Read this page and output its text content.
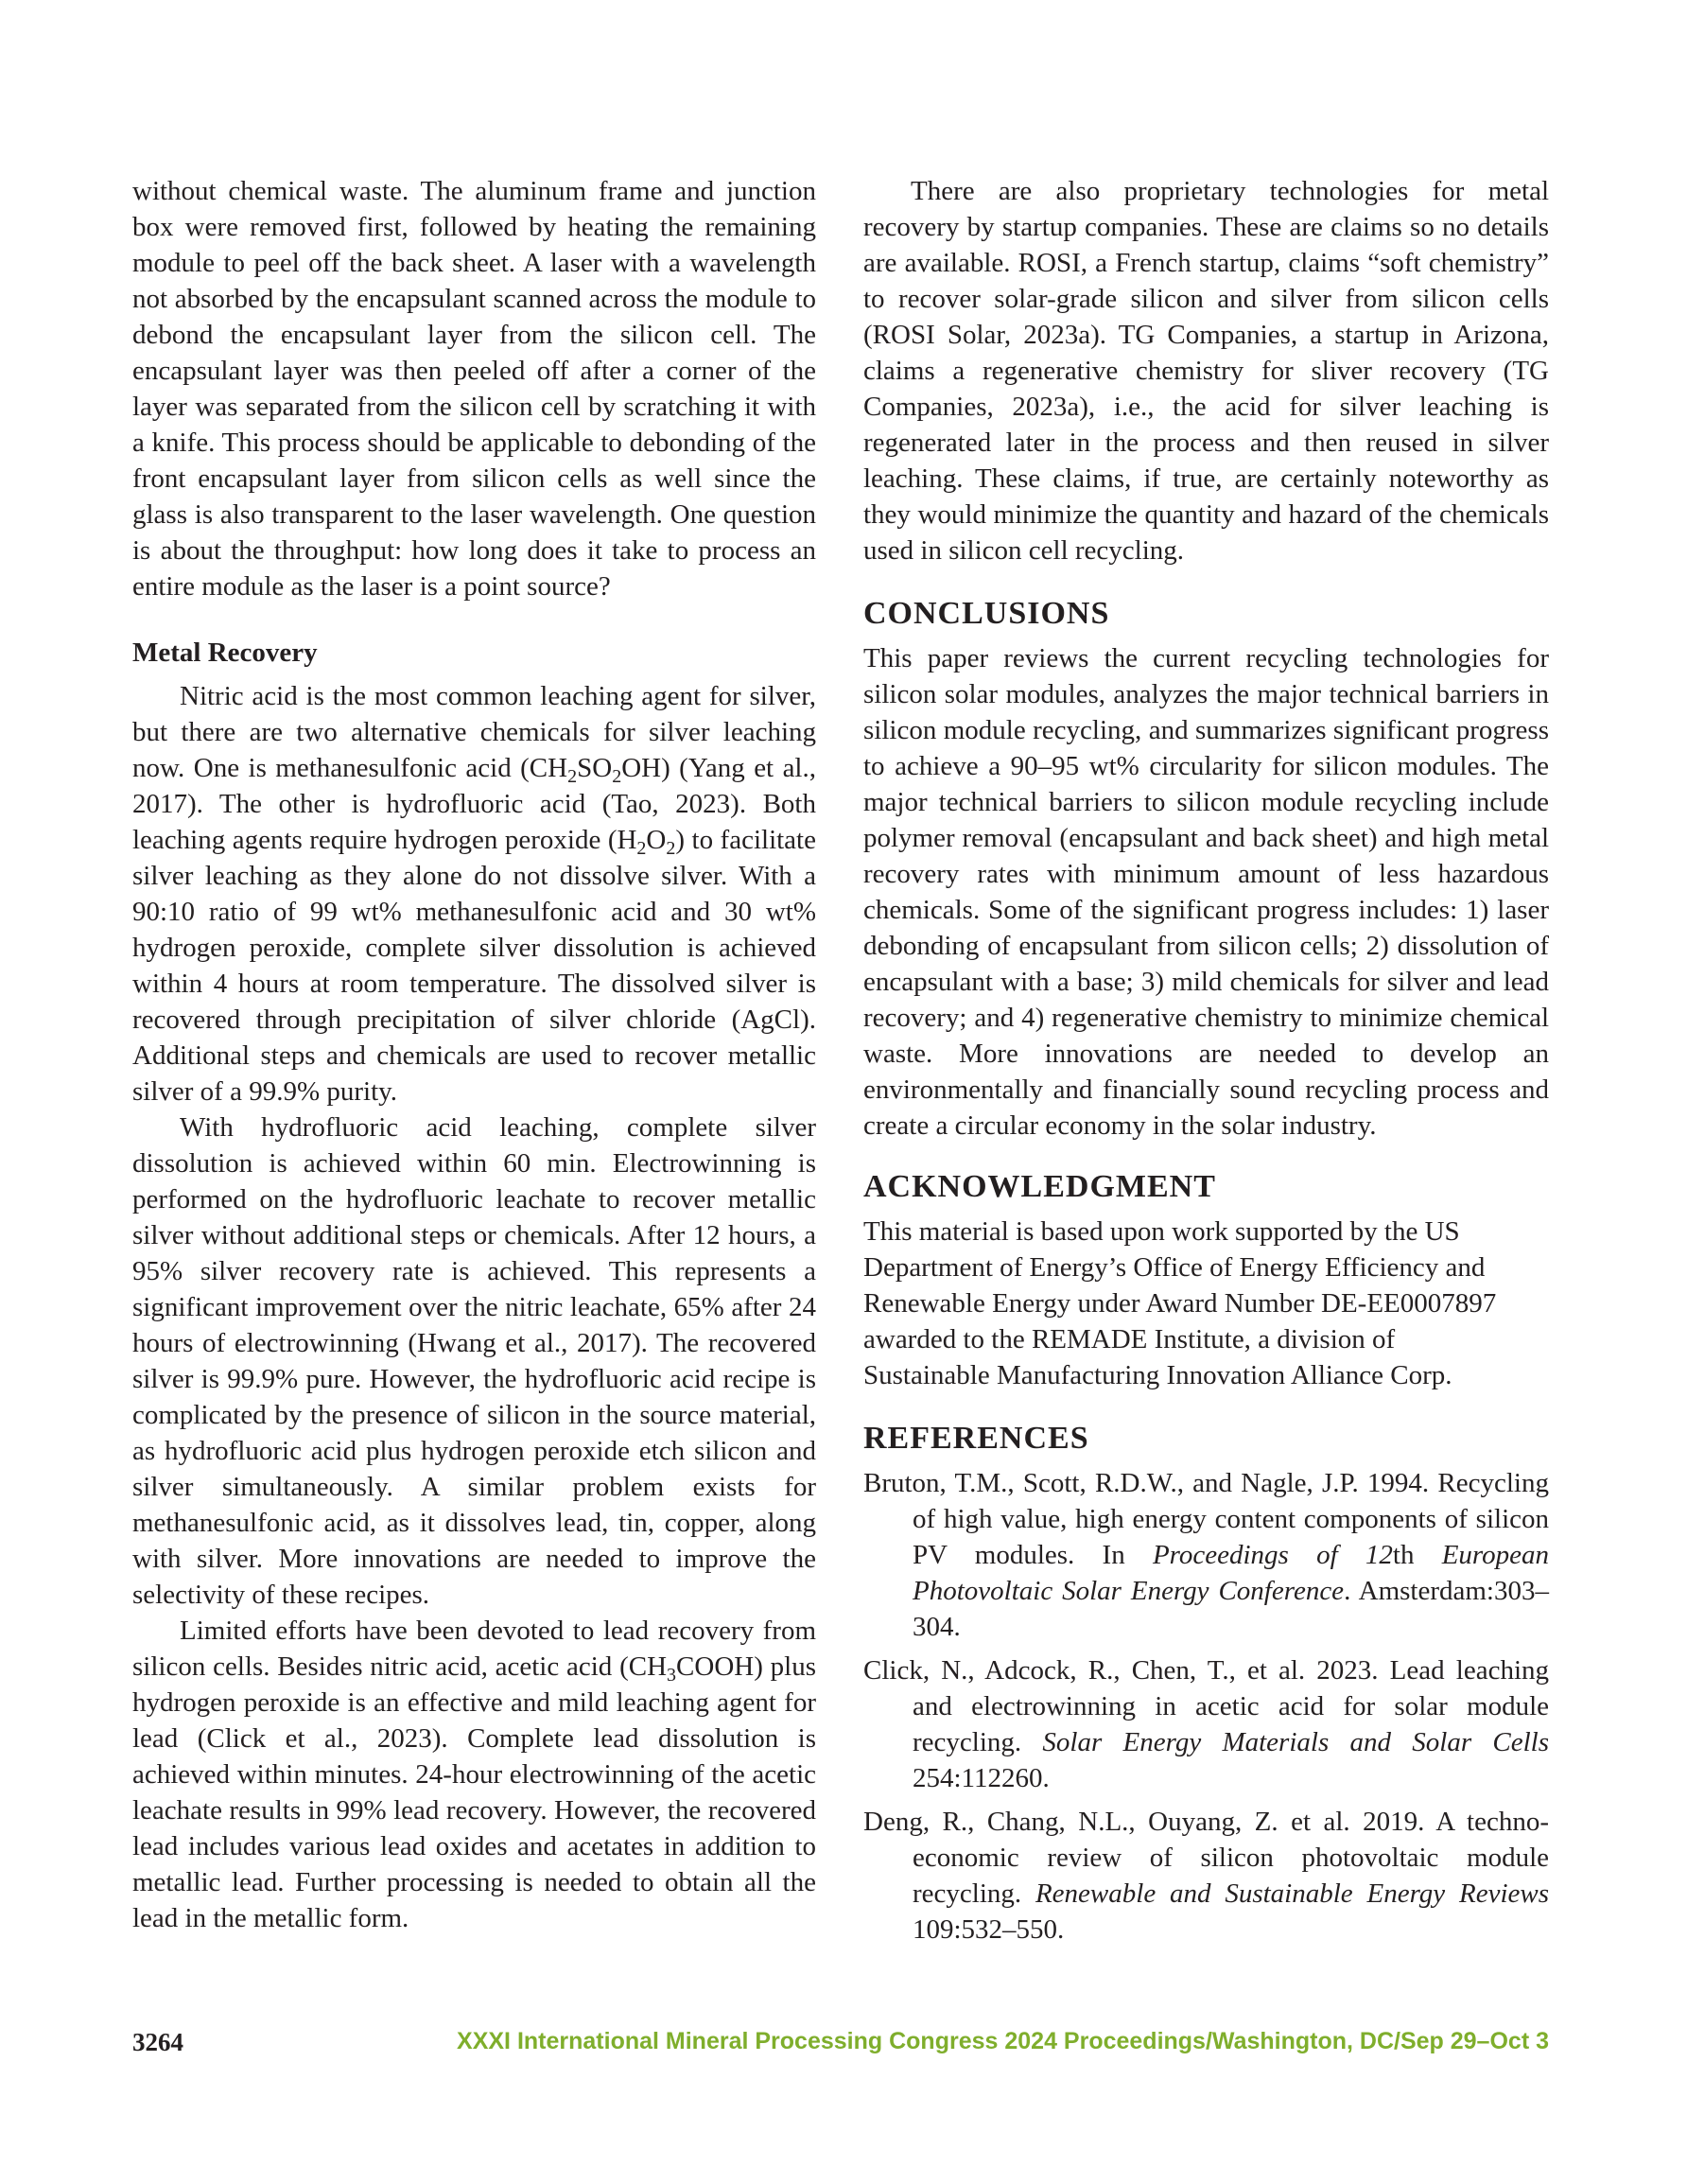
without chemical waste. The aluminum frame and junction box were removed first, followed by heating the remaining module to peel off the back sheet. A laser with a wavelength not absorbed by the encapsulant scanned across the module to debond the encapsulant layer from the silicon cell. The encapsulant layer was then peeled off after a corner of the layer was separated from the silicon cell by scratching it with a knife. This process should be applicable to debonding of the front encapsulant layer from silicon cells as well since the glass is also transparent to the laser wavelength. One question is about the throughput: how long does it take to process an entire module as the laser is a point source?

Metal Recovery

Nitric acid is the most common leaching agent for silver, but there are two alternative chemicals for silver leaching now. One is methanesulfonic acid $(CH_2SO_2OH)$ (Yang et al., 2017). The other is hydrofluoric acid (Tao, 2023). Both leaching agents require hydrogen peroxide $(H_2O_2)$ to facilitate silver leaching as they alone do not dissolve silver. With a 90:10 ratio of 99 wt% methanesulfonic acid and 30 wt% hydrogen peroxide, complete silver dissolution is achieved within 4 hours at room temperature. The dissolved silver is recovered through precipitation of silver chloride (AgCl). Additional steps and chemicals are used to recover metallic silver of a 99.9% purity.

With hydrofluoric acid leaching, complete silver dissolution is achieved within 60 min. Electrowinning is performed on the hydrofluoric leachate to recover metallic silver without additional steps or chemicals. After 12 hours, a 95% silver recovery rate is achieved. This represents a significant improvement over the nitric leachate, 65% after 24 hours of electrowinning (Hwang et al., 2017). The recovered silver is 99.9% pure. However, the hydrofluoric acid recipe is complicated by the presence of silicon in the source material, as hydrofluoric acid plus hydrogen peroxide etch silicon and silver simultaneously. A similar problem exists for methanesulfonic acid, as it dissolves lead, tin, copper, along with silver. More innovations are needed to improve the selectivity of these recipes.

Limited efforts have been devoted to lead recovery from silicon cells. Besides nitric acid, acetic acid $(CH_3COOH)$ plus hydrogen peroxide is an effective and mild leaching agent for lead (Click et al., 2023). Complete lead dissolution is achieved within minutes. 24-hour electrowinning of the acetic leachate results in 99% lead recovery. However, the recovered lead includes various lead oxides and acetates in addition to metallic lead. Further processing is needed to obtain all the lead in the metallic form.

There are also proprietary technologies for metal recovery by startup companies. These are claims so no details are available. ROSI, a French startup, claims “soft chemistry” to recover solar-grade silicon and silver from silicon cells (ROSI Solar, 2023a). TG Companies, a startup in Arizona, claims a regenerative chemistry for sliver recovery (TG Companies, 2023a), i.e., the acid for silver leaching is regenerated later in the process and then reused in silver leaching. These claims, if true, are certainly noteworthy as they would minimize the quantity and hazard of the chemicals used in silicon cell recycling.

CONCLUSIONS

This paper reviews the current recycling technologies for silicon solar modules, analyzes the major technical barriers in silicon module recycling, and summarizes significant progress to achieve a 90–95 wt% circularity for silicon modules. The major technical barriers to silicon module recycling include polymer removal (encapsulant and back sheet) and high metal recovery rates with minimum amount of less hazardous chemicals. Some of the significant progress includes: 1) laser debonding of encapsulant from silicon cells; 2) dissolution of encapsulant with a base; 3) mild chemicals for silver and lead recovery; and 4) regenerative chemistry to minimize chemical waste. More innovations are needed to develop an environmentally and financially sound recycling process and create a circular economy in the solar industry.

ACKNOWLEDGMENT
This material is based upon work supported by the US
Department of Energy’s Office of Energy Efficiency and
Renewable Energy under Award Number DE-EE0007897
awarded to the REMADE Institute, a division of
Sustainable Manufacturing Innovation Alliance Corp.
REFERENCES

Bruton, T.M., Scott, R.D.W., and Nagle, J.P. 1994. Recycling of high value, high energy content components of silicon PV modules. In Proceedings of 12th European Photovoltaic Solar Energy Conference. Amsterdam:303–304.

Click, N., Adcock, R., Chen, T., et al. 2023. Lead leaching and electrowinning in acetic acid for solar module recycling. Solar Energy Materials and Solar Cells 254:112260.

Deng, R., Chang, N.L., Ouyang, Z. et al. 2019. A techno-economic review of silicon photovoltaic module recycling. Renewable and Sustainable Energy Reviews 109:532–550.

3264	XXXI International Mineral Processing Congress 2024 Proceedings/Washington, DC/Sep 29–Oct 3
